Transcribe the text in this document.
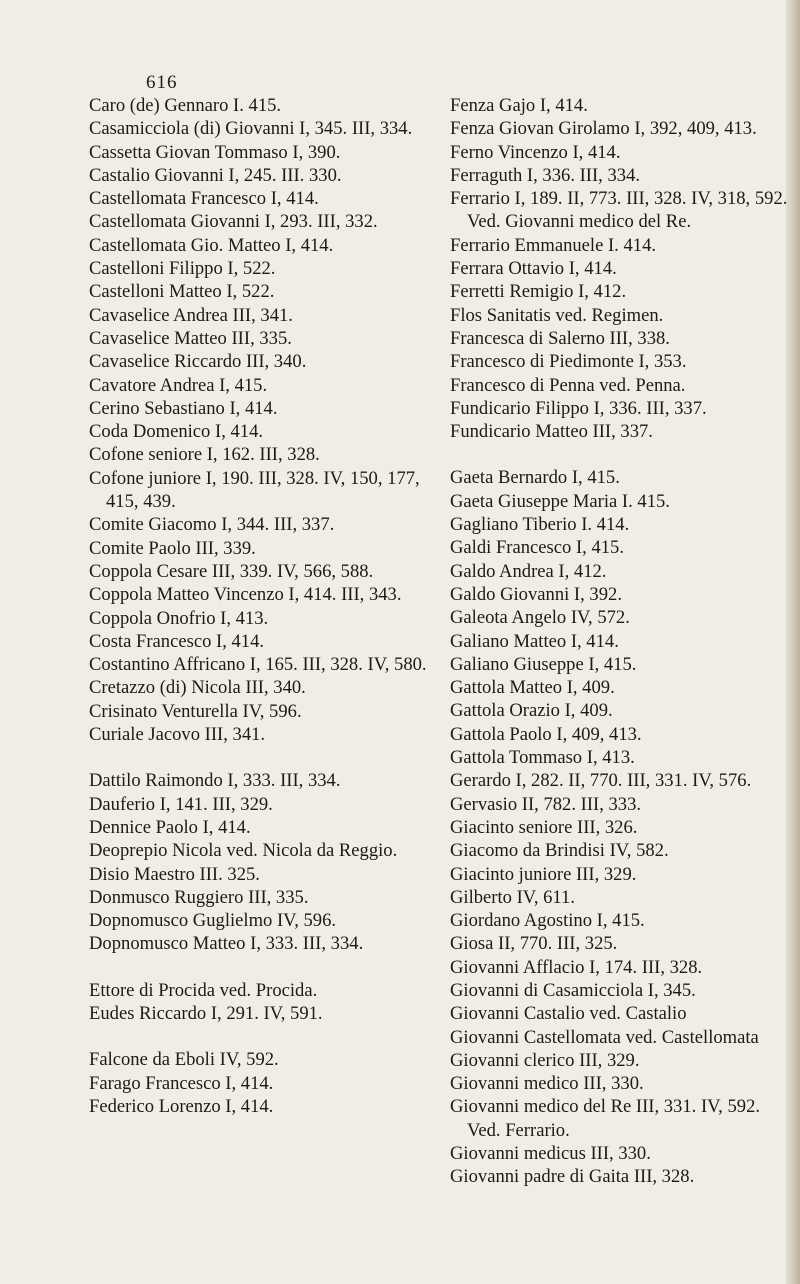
616
Caro (de) Gennaro I. 415.
Casamicciola (di) Giovanni I, 345. III, 334.
Cassetta Giovan Tommaso I, 390.
Castalio Giovanni I, 245. III. 330.
Castellomata Francesco I, 414.
Castellomata Giovanni I, 293. III, 332.
Castellomata Gio. Matteo I, 414.
Castelloni Filippo I, 522.
Castelloni Matteo I, 522.
Cavaselice Andrea III, 341.
Cavaselice Matteo III, 335.
Cavaselice Riccardo III, 340.
Cavatore Andrea I, 415.
Cerino Sebastiano I, 414.
Coda Domenico I, 414.
Cofone seniore I, 162. III, 328.
Cofone juniore I, 190. III, 328. IV, 150, 177, 415, 439.
Comite Giacomo I, 344. III, 337.
Comite Paolo III, 339.
Coppola Cesare III, 339. IV, 566, 588.
Coppola Matteo Vincenzo I, 414. III, 343.
Coppola Onofrio I, 413.
Costa Francesco I, 414.
Costantino Affricano I, 165. III, 328. IV, 580.
Cretazzo (di) Nicola III, 340.
Crisinato Venturella IV, 596.
Curiale Jacovo III, 341.
Dattilo Raimondo I, 333. III, 334.
Dauferio I, 141. III, 329.
Dennice Paolo I, 414.
Deoprepio Nicola ved. Nicola da Reggio.
Disio Maestro III. 325.
Donmusco Ruggiero III, 335.
Dopnomusco Guglielmo IV, 596.
Dopnomusco Matteo I, 333. III, 334.
Ettore di Procida ved. Procida.
Eudes Riccardo I, 291. IV, 591.
Falcone da Eboli IV, 592.
Farago Francesco I, 414.
Federico Lorenzo I, 414.
Fenza Gajo I, 414.
Fenza Giovan Girolamo I, 392, 409, 413.
Ferno Vincenzo I, 414.
Ferraguth I, 336. III, 334.
Ferrario I, 189. II, 773. III, 328. IV, 318, 592. Ved. Giovanni medico del Re.
Ferrario Emmanuele I. 414.
Ferrara Ottavio I, 414.
Ferretti Remigio I, 412.
Flos Sanitatis ved. Regimen.
Francesca di Salerno III, 338.
Francesco di Piedimonte I, 353.
Francesco di Penna ved. Penna.
Fundicario Filippo I, 336. III, 337.
Fundicario Matteo III, 337.
Gaeta Bernardo I, 415.
Gaeta Giuseppe Maria I. 415.
Gagliano Tiberio I. 414.
Galdi Francesco I, 415.
Galdo Andrea I, 412.
Galdo Giovanni I, 392.
Galeota Angelo IV, 572.
Galiano Matteo I, 414.
Galiano Giuseppe I, 415.
Gattola Matteo I, 409.
Gattola Orazio I, 409.
Gattola Paolo I, 409, 413.
Gattola Tommaso I, 413.
Gerardo I, 282. II, 770. III, 331. IV, 576.
Gervasio II, 782. III, 333.
Giacinto seniore III, 326.
Giacomo da Brindisi IV, 582.
Giacinto juniore III, 329.
Gilberto IV, 611.
Giordano Agostino I, 415.
Giosa II, 770. III, 325.
Giovanni Afflacio I, 174. III, 328.
Giovanni di Casamicciola I, 345.
Giovanni Castalio ved. Castalio
Giovanni Castellomata ved. Castellomata
Giovanni clerico III, 329.
Giovanni medico III, 330.
Giovanni medico del Re III, 331. IV, 592. Ved. Ferrario.
Giovanni medicus III, 330.
Giovanni padre di Gaita III, 328.
